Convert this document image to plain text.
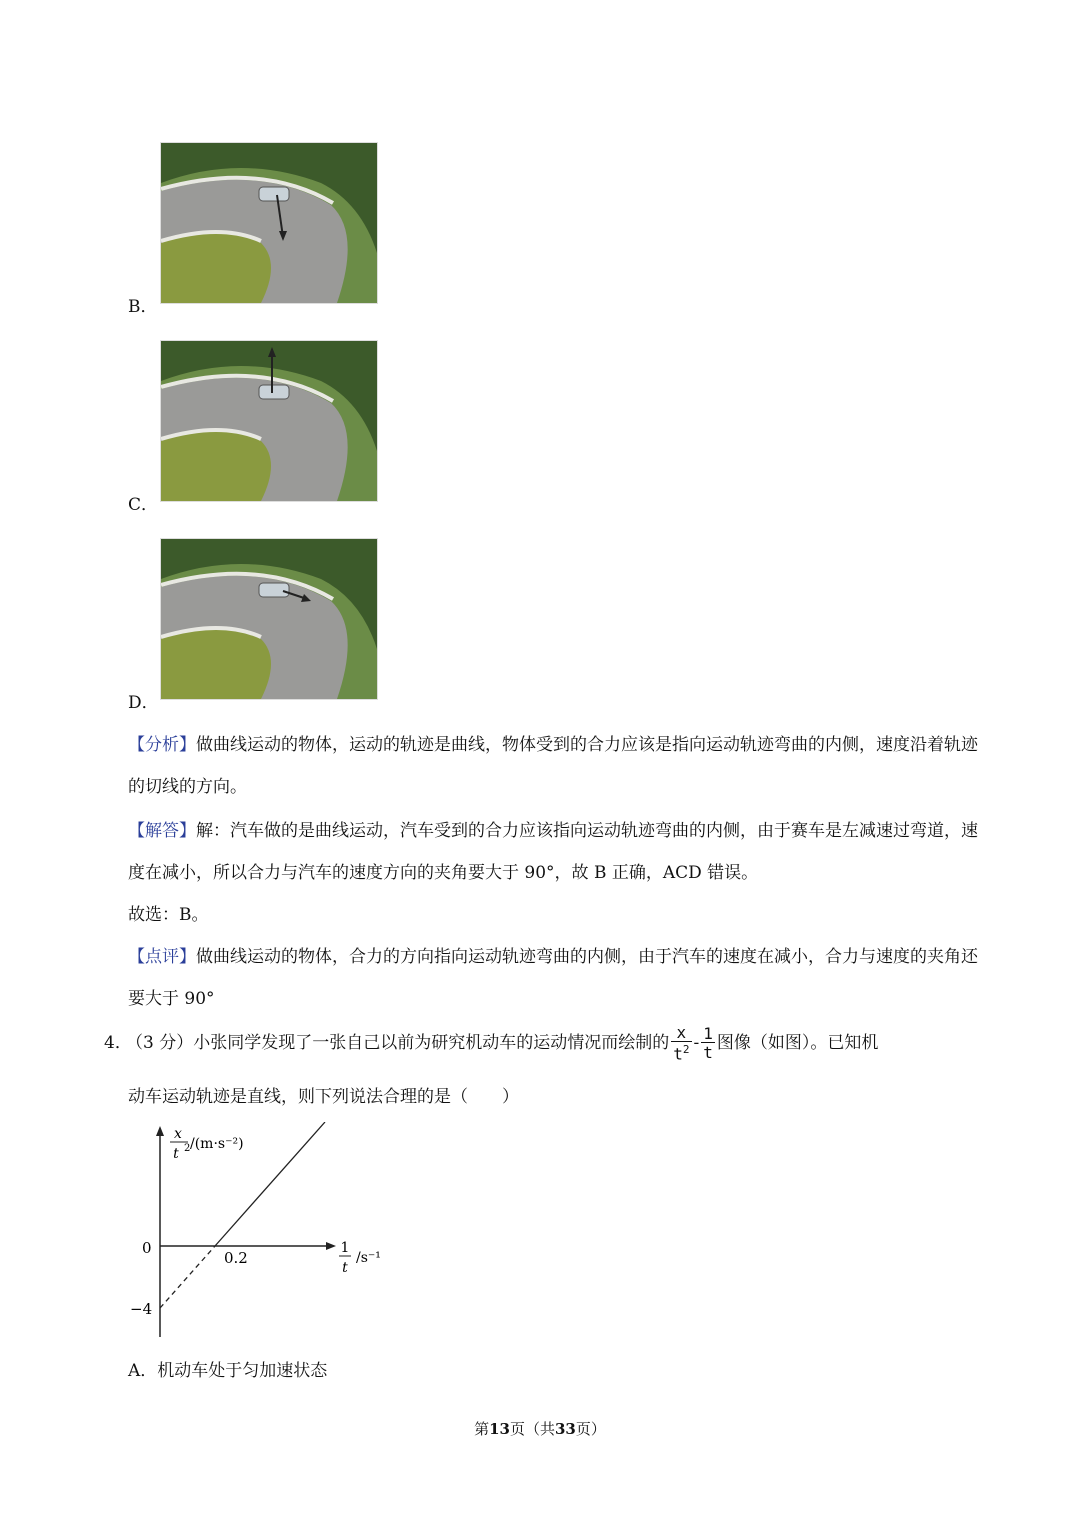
B．
C．
D．
【分析】做曲线运动的物体，运动的轨迹是曲线，物体受到的合力应该是指向运动轨迹弯曲的内侧，速度沿着轨迹的切线的方向。
【解答】解：汽车做的是曲线运动，汽车受到的合力应该指向运动轨迹弯曲的内侧，由于赛车是左减速过弯道，速度在减小，所以合力与汽车的速度方向的夹角要大于 90°，故 B 正确，ACD 错误。
故选：B。
【点评】做曲线运动的物体，合力的方向指向运动轨迹弯曲的内侧，由于汽车的速度在减小，合力与速度的夹角还要大于 90°
4．
（3 分）小张同学发现了一张自己以前为研究机动车的运动情况而绘制的 $\frac{x}{t^2} - \frac{1}{t}$ 图像（如图）。已知机
动车运动轨迹是直线，则下列说法合理的是（　　）
x
t 2 /(m·s⁻²)
0
0.2
−4
1
t
/s⁻¹
A．机动车处于匀加速状态
第13页（共33页）
